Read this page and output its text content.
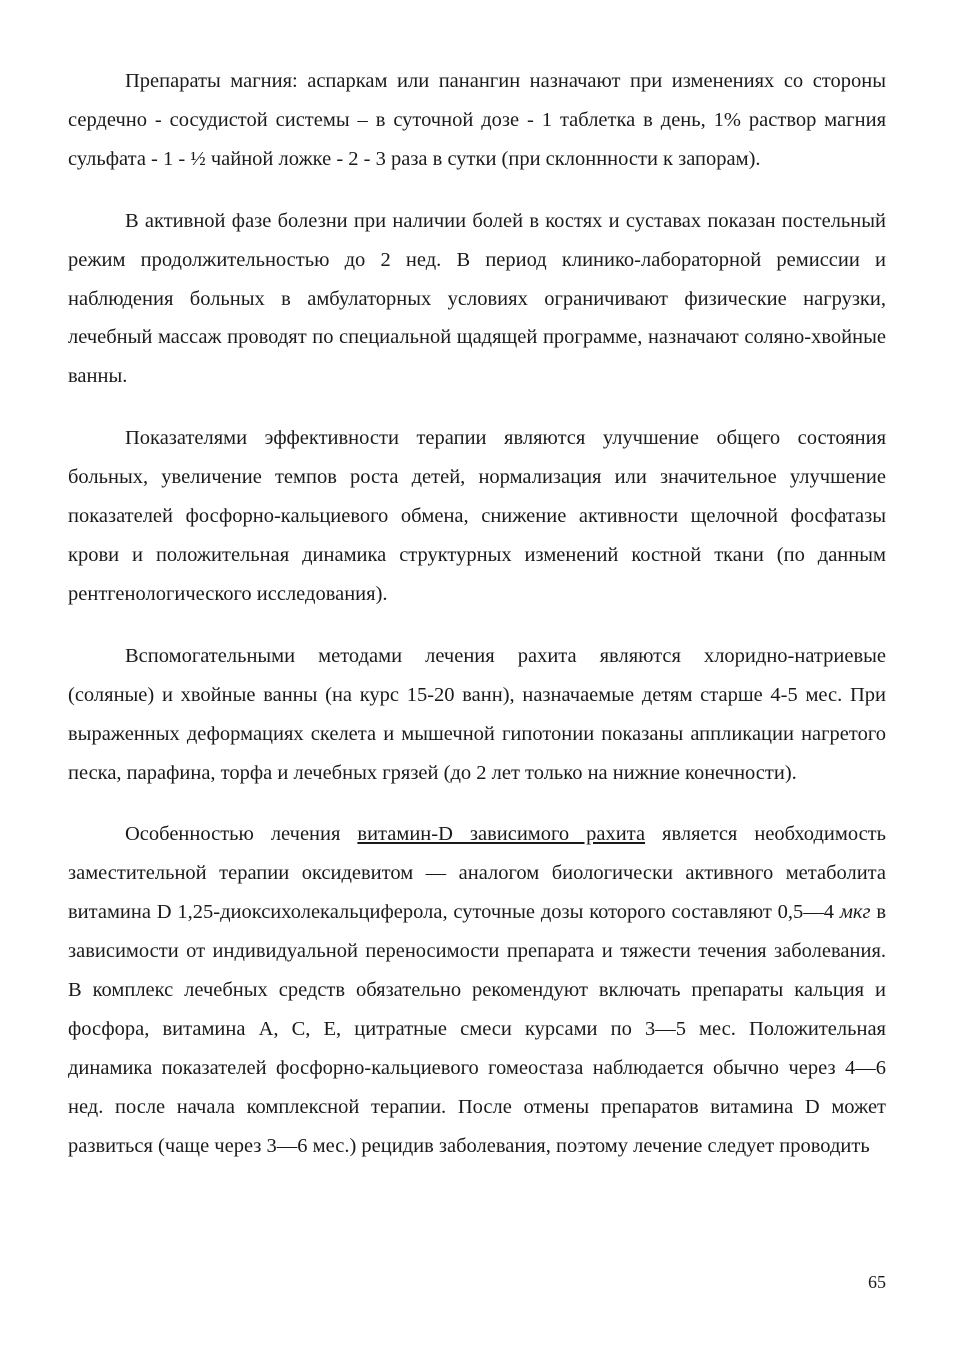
Препараты магния: аспаркам или панангин назначают при изменениях со стороны сердечно - сосудистой системы – в суточной дозе - 1 таблетка в день, 1% раствор магния сульфата - 1 - ½ чайной ложке - 2 - 3 раза в сутки (при склоннности к запорам).

В активной фазе болезни при наличии болей в костях и суставах показан постельный режим продолжительностью до 2 нед. В период клинико-лабораторной ремиссии и наблюдения больных в амбулаторных условиях ограничивают физические нагрузки, лечебный массаж проводят по специальной щадящей программе, назначают соляно-хвойные ванны.

Показателями эффективности терапии являются улучшение общего состояния больных, увеличение темпов роста детей, нормализация или значительное улучшение показателей фосфорно-кальциевого обмена, снижение активности щелочной фосфатазы крови и положительная динамика структурных изменений костной ткани (по данным рентгенологического исследования).

Вспомогательными методами лечения рахита являются хлоридно-натриевые (соляные) и хвойные ванны (на курс 15-20 ванн), назначаемые детям старше 4-5 мес. При выраженных деформациях скелета и мышечной гипотонии показаны аппликации нагретого песка, парафина, торфа и лечебных грязей (до 2 лет только на нижние конечности).

Особенностью лечения витамин-D зависимого рахита является необходимость заместительной терапии оксидевитом — аналогом биологически активного метаболита витамина D 1,25-диоксихолекальциферола, суточные дозы которого составляют 0,5—4 мкг в зависимости от индивидуальной переносимости препарата и тяжести течения заболевания. В комплекс лечебных средств обязательно рекомендуют включать препараты кальция и фосфора, витамина А, С, Е, цитратные смеси курсами по 3—5 мес. Положительная динамика показателей фосфорно-кальциевого гомеостаза наблюдается обычно через 4—6 нед. после начала комплексной терапии. После отмены препаратов витамина D может развиться (чаще через 3—6 мес.) рецидив заболевания, поэтому лечение следует проводить

65
